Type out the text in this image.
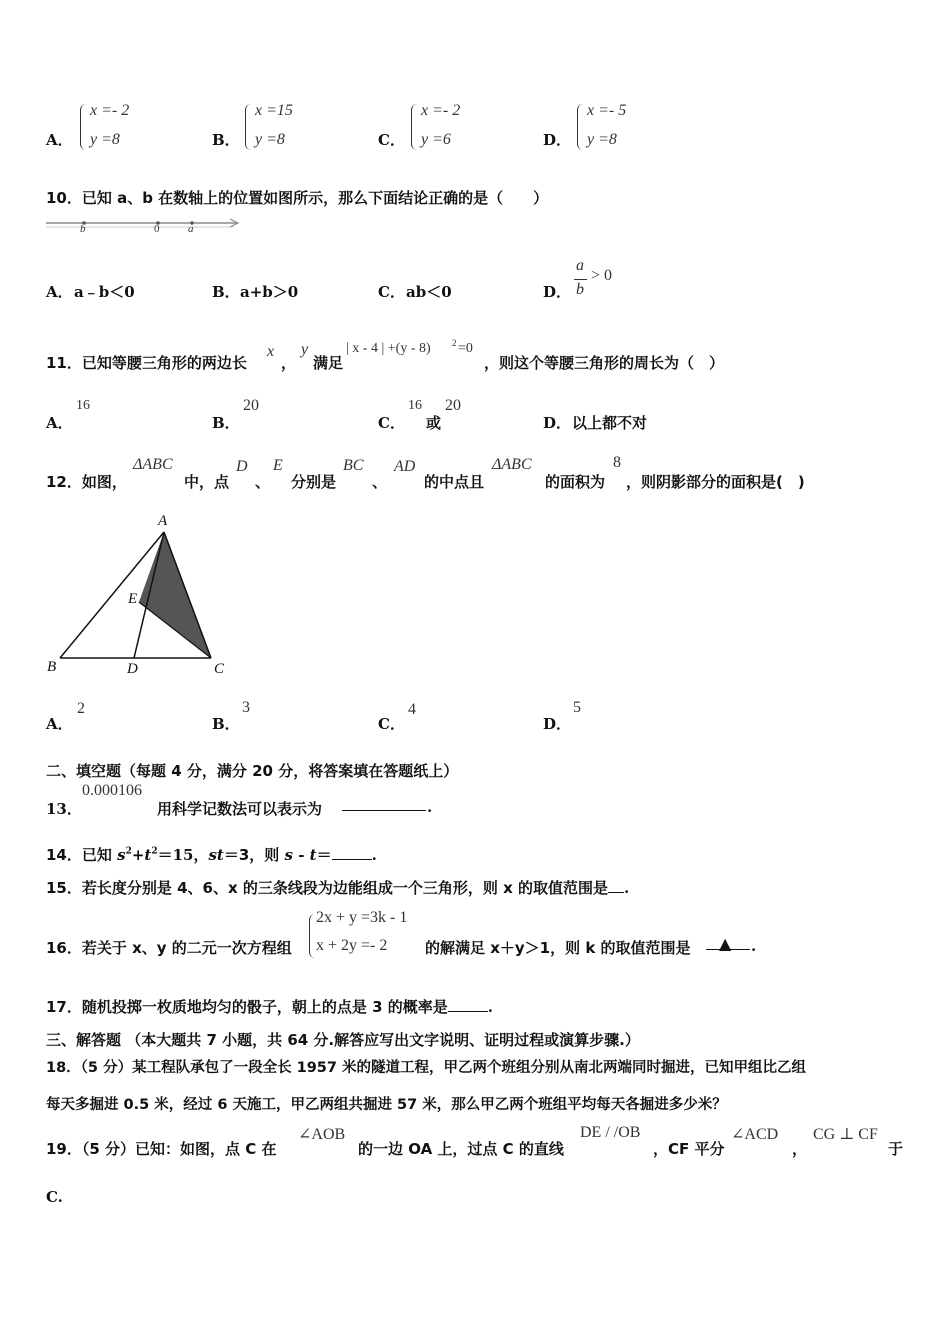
A．
x =- 2
y =8	B．
x =15
y =8	C．
x =- 2
y =6	D．
x =- 5
y =8
10．已知 a、b 在数轴上的位置如图所示，那么下面结论正确的是（　　）
b	0	a
A． a﹣b＜0	B． a+b＞0	C． ab＜0	D．
a
b
> 0
11．已知等腰三角形的两边长
x
，
y
满足
| x - 4 | +(y - 8) 2 =0
，则这个等腰三角形的周长为（　）
A．
16
B．
20
C．
16
或
20
D． 以上都不对
12．如图，
ΔABC
中，点
D
、
E
分别是
BC
、
AD
的中点且
ΔABC
的面积为
8
，则阴影部分的面积是(　)
A
E
B	D	C
A．
2
B．
3
C．
4
D．
5
二、填空题（每题 4 分，满分 20 分，将答案填在答题纸上）
13．
0.000106
用科学记数法可以表示为	.
14．已知 $s^2+t^2=15$，st＝3，则 s - t＝	.
15．若长度分别是 4、6、x 的三条线段为边能组成一个三角形，则 x 的取值范围是 .
16．若关于 x、y 的二元一次方程组
2x + y =3k - 1
x + 2y =- 2	的解满足 x＋y＞1，则 k 的取值范围是 ▲ .
17．随机投掷一枚质地均匀的骰子，朝上的点是 3 的概率是	.
三、解答题 （本大题共 7 小题，共 64 分.解答应写出文字说明、证明过程或演算步骤.）
18．（5 分）某工程队承包了一段全长 1957 米的隧道工程，甲乙两个班组分别从南北两端同时掘进，已知甲组比乙组
每天多掘进 0.5 米，经过 6 天施工，甲乙两组共掘进 57 米，那么甲乙两个班组平均每天各掘进多少米？
19．（5 分）已知：如图，点 C 在
∠AOB
的一边 OA 上，过点 C 的直线
DE / /OB
，CF 平分
∠ACD
，
CG ⊥ CF
于
C.
